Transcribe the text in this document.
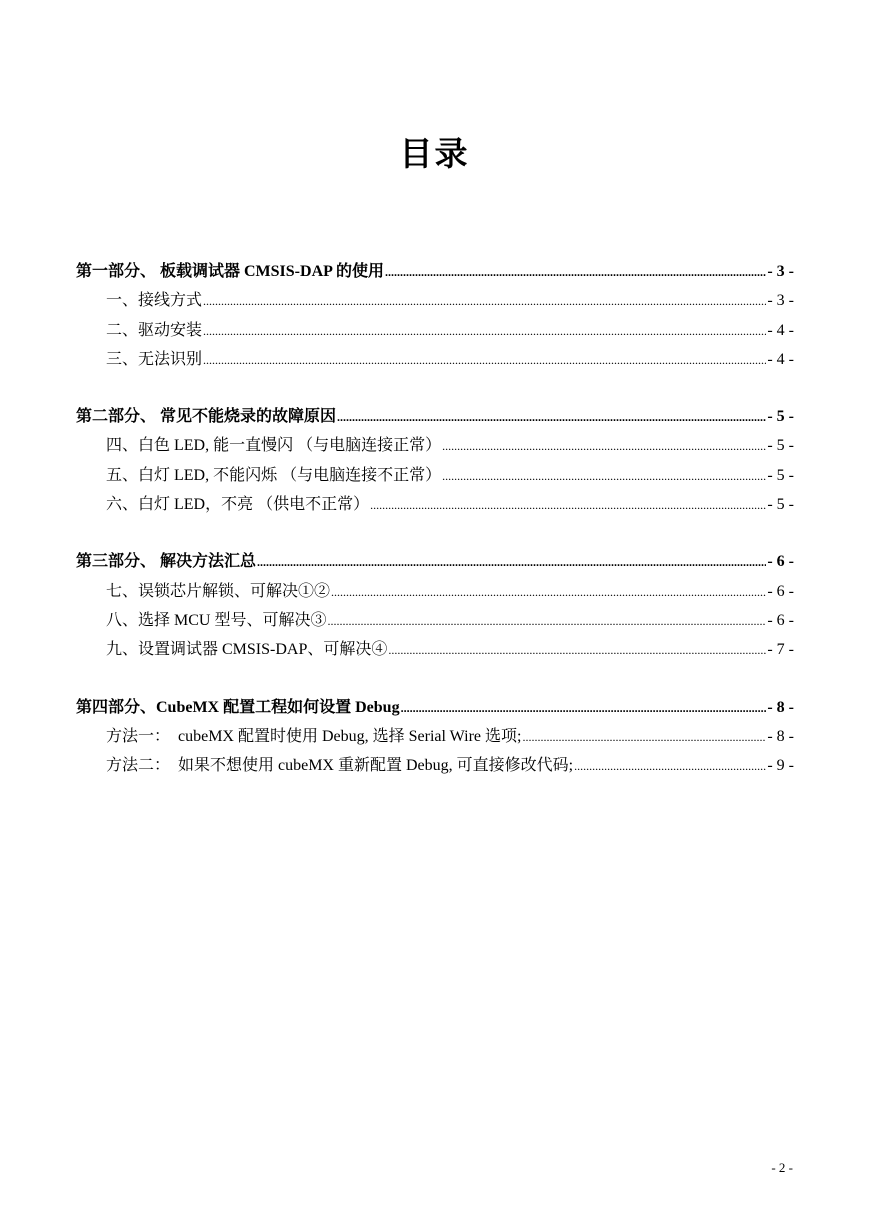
目录
第一部分、 板载调试器 CMSIS-DAP 的使用 .....	- 3 -
一、接线方式 .....	- 3 -
二、驱动安装 .....	- 4 -
三、无法识别 .....	- 4 -
第二部分、 常见不能烧录的故障原因 .....	- 5 -
四、白色 LED, 能一直慢闪 （与电脑连接正常） .....	- 5 -
五、白灯 LED, 不能闪烁 （与电脑连接不正常） .....	- 5 -
六、白灯 LED，不亮 （供电不正常） .....	- 5 -
第三部分、 解决方法汇总 .....	- 6 -
七、误锁芯片解锁、可解决①② .....	- 6 -
八、选择 MCU 型号、可解决③ .....	- 6 -
九、设置调试器 CMSIS-DAP、可解决④ .....	- 7 -
第四部分、CubeMX 配置工程如何设置 Debug .....	- 8 -
方法一：　cubeMX 配置时使用 Debug, 选择 Serial Wire 选项; .....	- 8 -
方法二：　如果不想使用 cubeMX 重新配置 Debug, 可直接修改代码; .....	- 9 -
- 2 -
